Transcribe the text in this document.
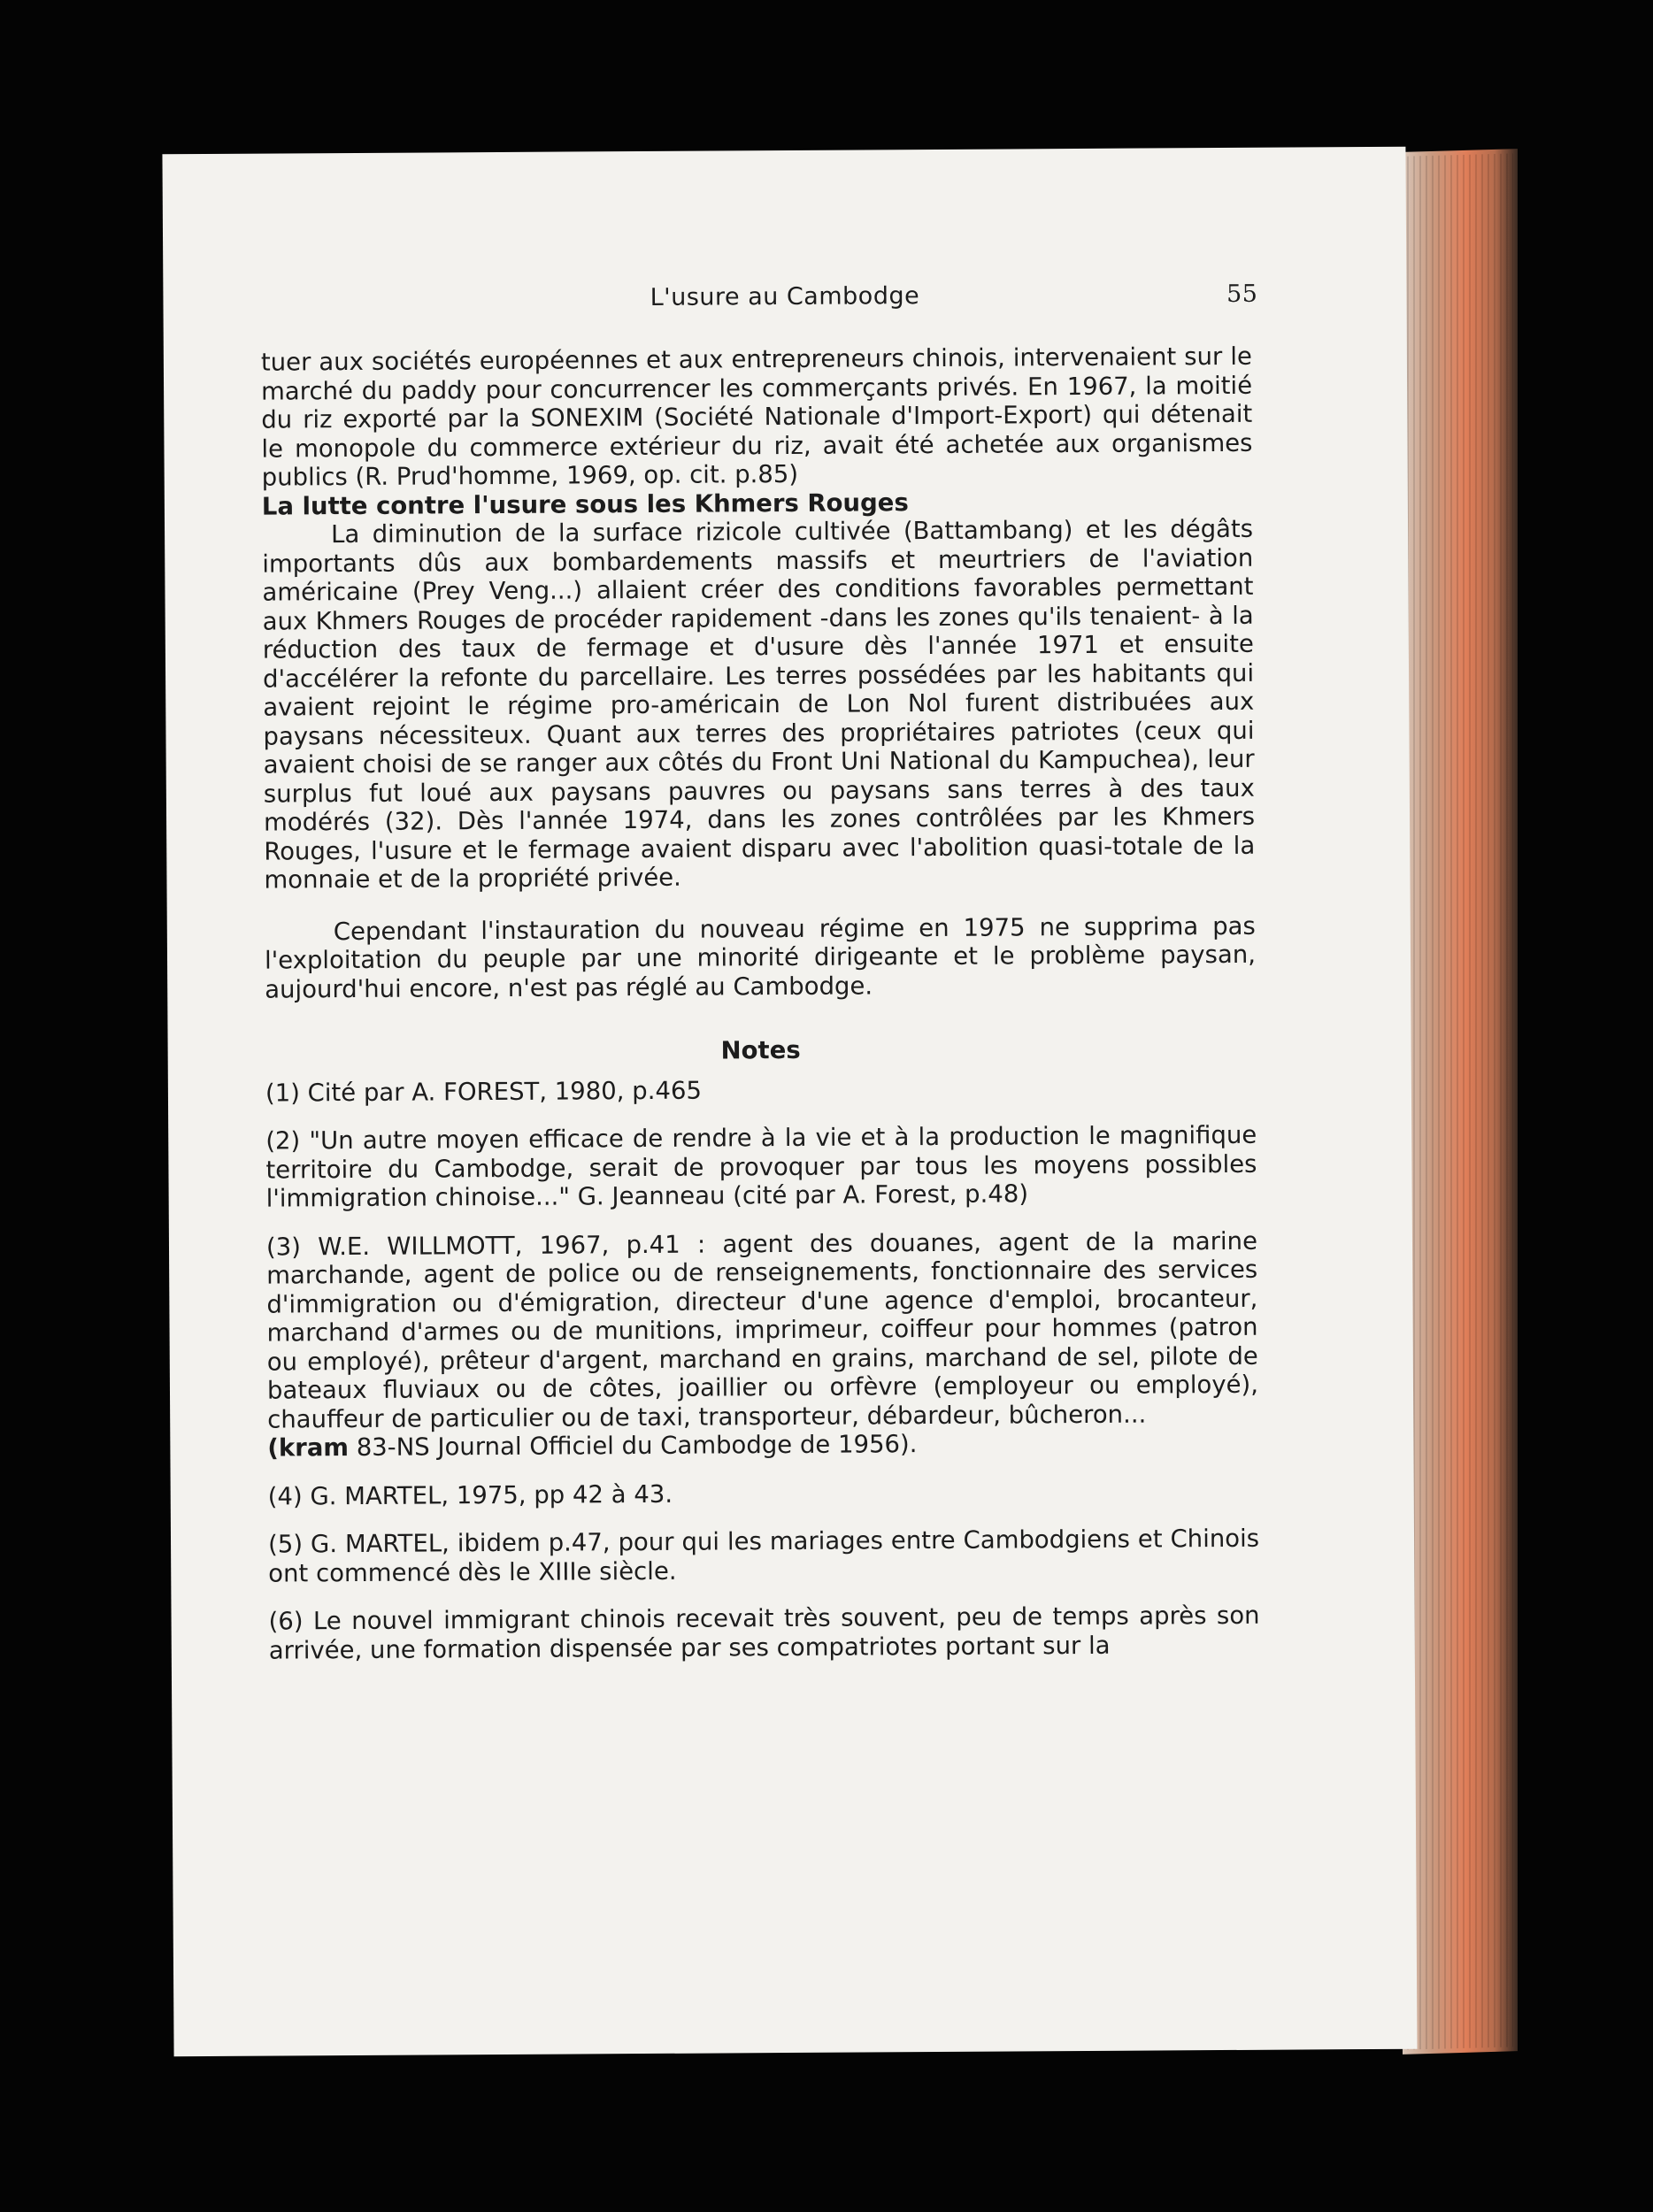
L'usure au Cambodge	55

tuer aux sociétés européennes et aux entrepreneurs chinois, intervenaient sur le marché du paddy pour concurrencer les commerçants privés. En 1967, la moitié du riz exporté par la SONEXIM (Société Nationale d'Import-Export) qui détenait le monopole du commerce extérieur du riz, avait été achetée aux organismes publics (R. Prud'homme, 1969, op. cit. p.85)

La lutte contre l'usure sous les Khmers Rouges

La diminution de la surface rizicole cultivée (Battambang) et les dégâts importants dûs aux bombardements massifs et meurtriers de l'aviation américaine (Prey Veng...) allaient créer des conditions favorables permettant aux Khmers Rouges de procéder rapidement -dans les zones qu'ils tenaient- à la réduction des taux de fermage et d'usure dès l'année 1971 et ensuite d'accélérer la refonte du parcellaire. Les terres possédées par les habitants qui avaient rejoint le régime pro-américain de Lon Nol furent distribuées aux paysans nécessiteux. Quant aux terres des propriétaires patriotes (ceux qui avaient choisi de se ranger aux côtés du Front Uni National du Kampuchea), leur surplus fut loué aux paysans pauvres ou paysans sans terres à des taux modérés (32). Dès l'année 1974, dans les zones contrôlées par les Khmers Rouges, l'usure et le fermage avaient disparu avec l'abolition quasi-totale de la monnaie et de la propriété privée.

Cependant l'instauration du nouveau régime en 1975 ne supprima pas l'exploitation du peuple par une minorité dirigeante et le problème paysan, aujourd'hui encore, n'est pas réglé au Cambodge.

Notes

(1) Cité par A. FOREST, 1980, p.465

(2) "Un autre moyen efficace de rendre à la vie et à la production le magnifique territoire du Cambodge, serait de provoquer par tous les moyens possibles l'immigration chinoise..." G. Jeanneau (cité par A. Forest, p.48)

(3) W.E. WILLMOTT, 1967, p.41 : agent des douanes, agent de la marine marchande, agent de police ou de renseignements, fonctionnaire des services d'immigration ou d'émigration, directeur d'une agence d'emploi, brocanteur, marchand d'armes ou de munitions, imprimeur, coiffeur pour hommes (patron ou employé), prêteur d'argent, marchand en grains, marchand de sel, pilote de bateaux fluviaux ou de côtes, joaillier ou orfèvre (employeur ou employé), chauffeur de particulier ou de taxi, transporteur, débardeur, bûcheron...
(kram 83-NS Journal Officiel du Cambodge de 1956).

(4) G. MARTEL, 1975, pp 42 à 43.

(5) G. MARTEL, ibidem p.47, pour qui les mariages entre Cambodgiens et Chinois ont commencé dès le XIIIe siècle.

(6) Le nouvel immigrant chinois recevait très souvent, peu de temps après son arrivée, une formation dispensée par ses compatriotes portant sur la
